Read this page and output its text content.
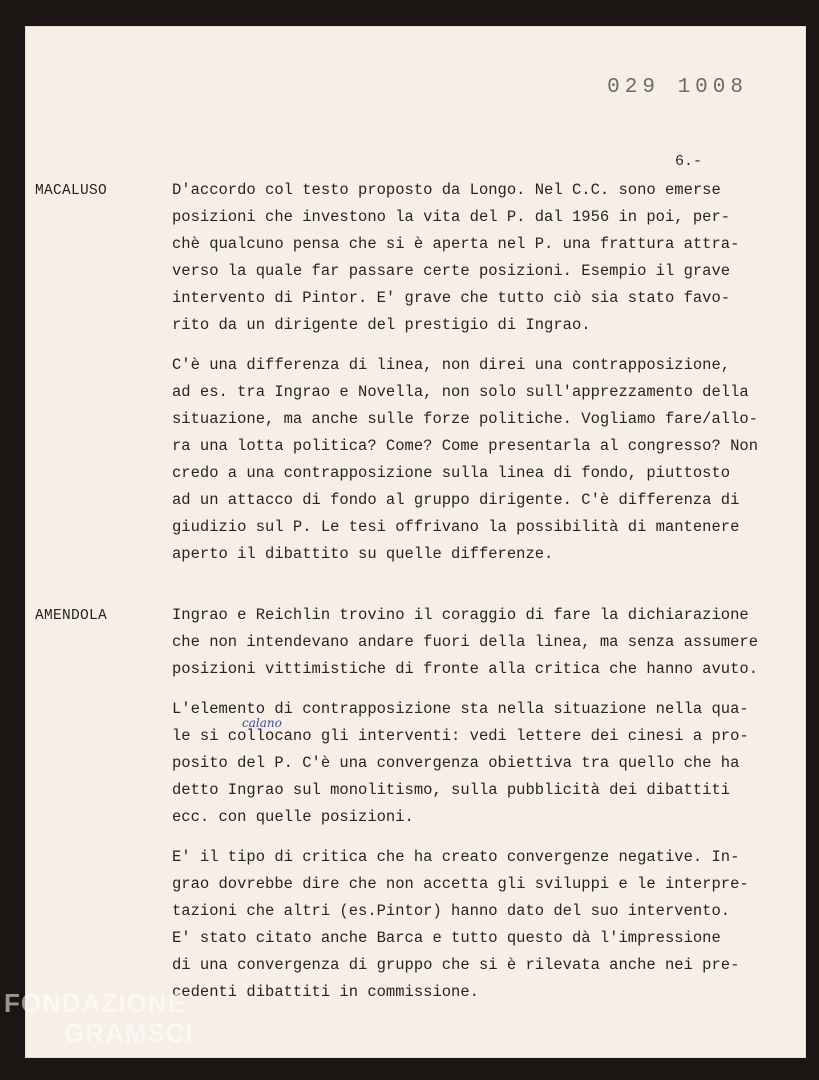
029 1008
6.-
MACALUSO	D'accordo col testo proposto da Longo. Nel C.C. sono emerse
posizioni che investono la vita del P. dal 1956 in poi, per-
chè qualcuno pensa che si è aperta nel P. una frattura attra-
verso la quale far passare certe posizioni. Esempio il grave
intervento di Pintor. E' grave che tutto ciò sia stato favo-
rito da un dirigente del prestigio di Ingrao.
C'è una differenza di linea, non direi una contrapposizione,
ad es. tra Ingrao e Novella, non solo sull'apprezzamento della
situazione, ma anche sulle forze politiche. Vogliamo fare/allo-
ra una lotta politica? Come? Come presentarla al congresso? Non
credo a una contrapposizione sulla linea di fondo, piuttosto
ad un attacco di fondo al gruppo dirigente. C'è differenza di
giudizio sul P. Le tesi offrivano la possibilità di mantenere
aperto il dibattito su quelle differenze.
AMENDOLA	Ingrao e Reichlin trovino il coraggio di fare la dichiarazione
che non intendevano andare fuori della linea, ma senza assumere
posizioni vittimistiche di fronte alla critica che hanno avuto.
L'elemento di contrapposizione sta nella situazione nella qua-
calano
le si collocano gli interventi: vedi lettere dei cinesi a pro-
posito del P. C'è una convergenza obiettiva tra quello che ha
detto Ingrao sul monolitismo, sulla pubblicità dei dibattiti
ecc. con quelle posizioni.
E' il tipo di critica che ha creato convergenze negative. In-
grao dovrebbe dire che non accetta gli sviluppi e le interpre-
tazioni che altri (es.Pintor) hanno dato del suo intervento.
E' stato citato anche Barca e tutto questo dà l'impressione
di una convergenza di gruppo che si è rilevata anche nei pre-
cedenti dibattiti in commissione.
FONDAZIONE
GRAMSCI
